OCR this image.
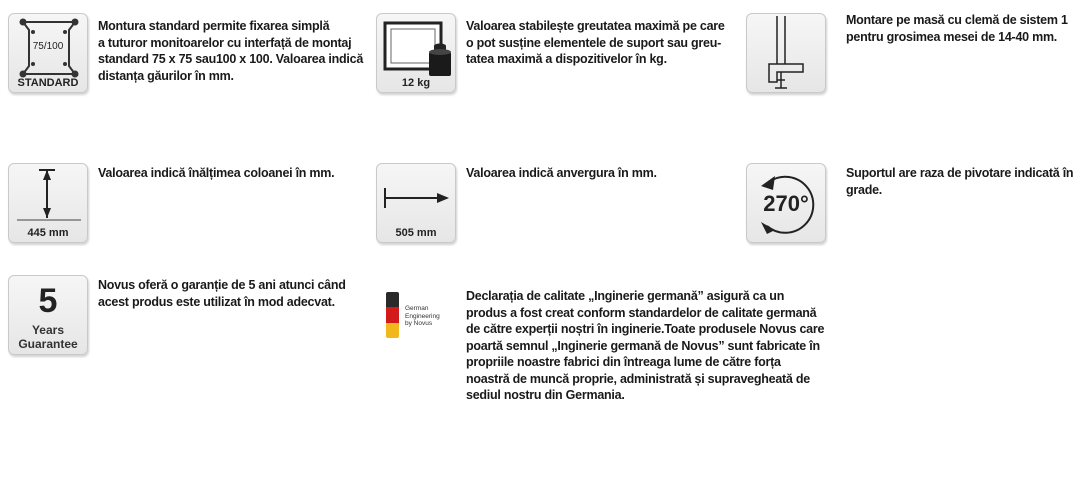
75/100
STANDARD

Montura standard permite fixarea simplă
a tuturor monitoarelor cu interfață de montaj
standard 75 x 75 sau100 x 100. Valoarea indică
distanța găurilor în mm.

12 kg

Valoarea stabilește greutatea maximă pe care
o pot susține elementele de suport sau greu-
tatea maximă a dispozitivelor în kg.

Montare pe masă cu clemă de sistem 1
pentru grosimea mesei de 14-40 mm.

445 mm

Valoarea indică înălțimea coloanei în mm.

505 mm

Valoarea indică anvergura în mm.

270°

Suportul are raza de pivotare indicată în
grade.

5
Years
Guarantee

Novus oferă o garanție de 5 ani atunci când
acest produs este utilizat în mod adecvat.	German
Engineering
by Novus

Declarația de calitate „Inginerie germană” asigură ca un
produs a fost creat conform standardelor de calitate germană
de către experții noștri în inginerie.Toate produsele Novus care
poartă semnul „Inginerie germană de Novus” sunt fabricate în
propriile noastre fabrici din întreaga lume de către forța
noastră de muncă proprie, administrată și supravegheată de
sediul nostru din Germania.
